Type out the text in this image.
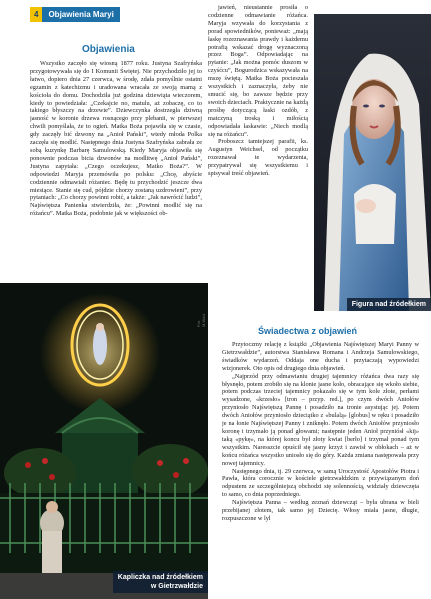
4	Objawienia Maryi
Objawienia

Wszystko zaczęło się wiosną 1877 roku. Justyna Szafryńska przygotowywała się do I Komunii Świętej. Nie przychodziło jej to łatwo, dopiero dnia 27 czerwca, w środę, zdała pomyślnie ostatni egzamin z katechizmu i uradowana wracała ze swoją mamą z kościoła do domu. Dochodziła już godzina dziewiąta wieczorem, kiedy to powiedziała: „Czekajcie no, matulu, aż zobaczę, co to takiego błyszczy na drzewie”. Dziewczynka dostrzegła dziwną jasność w koronie drzewa rosnącego przy plebanii, w pierwszej chwili pomyślała, że to ogień. Matka Boża pojawiła się w czasie, gdy zaczęły bić dzwony na „Anioł Pański”, wtedy młoda Polka zaczęła się modlić. Następnego dnia Justyna Szafryńska zabrała ze sobą kuzynkę Barbarę Samulowską. Kiedy Maryja objawiła się ponownie podczas bicia dzwonów na modlitwę „Anioł Pański”, Justyna zapytała: „Czego oczekujesz, Matko Boża?”. W odpowiedzi Maryja przemówiła po polsku: „Chcę, abyście codziennie odmawiali różaniec. Będę tu przychodzić jeszcze dwa miesiące. Stanie się cud, pójdzie chorzy zostaną uzdrowieni”, przy pytaniach: „Co chorzy powinni robić, a także: „Jak nawrócić ludzi”, Najświętsza Panienka stwierdziła, że: „Powinni modlić się na różańcu”. Matka Boża, podobnie jak w większości ob-

jawień, nieustannie prosiła o codzienne odmawianie różańca. Maryja wzywała do korzystania z porad spowiedników, ponieważ: „mają łaskę rozeznawania prawdy i każdemu potrafią wskazać drogę wyznaczoną przez Boga”. Odpowiadając na pytanie: „Jak można pomóc duszom w czyśćcu”, Bogurodzica wskazywała na mszę świętą. Matka Boża pocieszała wszystkich i zaznaczyła, żeby nie smucić się, bo zawsze będzie przy swoich dzieciach. Praktycznie na każdą prośbę dotyczącą łaski ozdób, z matczyną troską i miłością odpowiadała łaskawie: „Niech modlą się na różańcu”.

Proboszcz tamtejszej parafii, ks. Augustyn Weichsel, od początku rozeznawał te wydarzenia, przypatrywał się wszystkiemu i spisywał treść objawień.

Figura nad źródełkiem
Fot. M.Wód.
Kapliczka nad źródełkiem
w Gietrzwałdzie
Świadectwa z objawień

Przytoczmy relację z książki „Objawienia Najświętszej Maryi Panny w Gietrzwałdzie”, autorstwa Stanisława Romana i Andrzeja Samulowskiego, świadków wydarzeń. Oddaja one ducha i przytaczają wypowiedzi wizjonerek. Oto opis od drugiego dnia objawień.

„Najprzód przy odmawianiu drugiej tajemnicy różańca dwa razy się błysnęło, potem zrobiło się na klonie jasne koło, obracające się wkoło siebie, potem podczas trzeciej tajemnicy pokazało się w tym kole złote, perłami wysadzone, «krzesło» [tron – przyp. red.], po czym dwóch Aniołów przyniosło Najświętszą Pannę i posadziło na tronie asystując jej. Potem dwóch Aniołów przyniosło dzieciątko z «bulalą» [globus] w ręku i posadziło je na łonie Najświętszej Panny i zniknęło. Potem dwóch Aniołów przyniosło koronę i trzymało ją ponad głowami; następnie jeden Anioł przyniósł «kij» taką «pykę», na której koncu był złoty kwiat [berło] i trzymał ponad tym wszystkim. Naresszcie opuścił się jasny krzyż i zawisł w obłokach – aż w końcu różańca wszystko uniosło się do góry. Każda zmiana następowała przy nowej tajemnicy.

Następnego dnia, tj. 29 czerwca, w samą Uroczystość Apostołów Piotra i Pawła, która corocznie w kościele gietrzwałdzkim z przywiązanym doń odpustem ze szczególniejszą obchodzi się solennością, widziały dziewczęta to samo, co dnia poprzedniego.

Najświętsza Panna – według zeznań dziewcząt – była ubrana w bieli przebijanej złotem, tak samo jej Dziecię. Włosy miała jasne, długie, rozpuszczone w lyl
